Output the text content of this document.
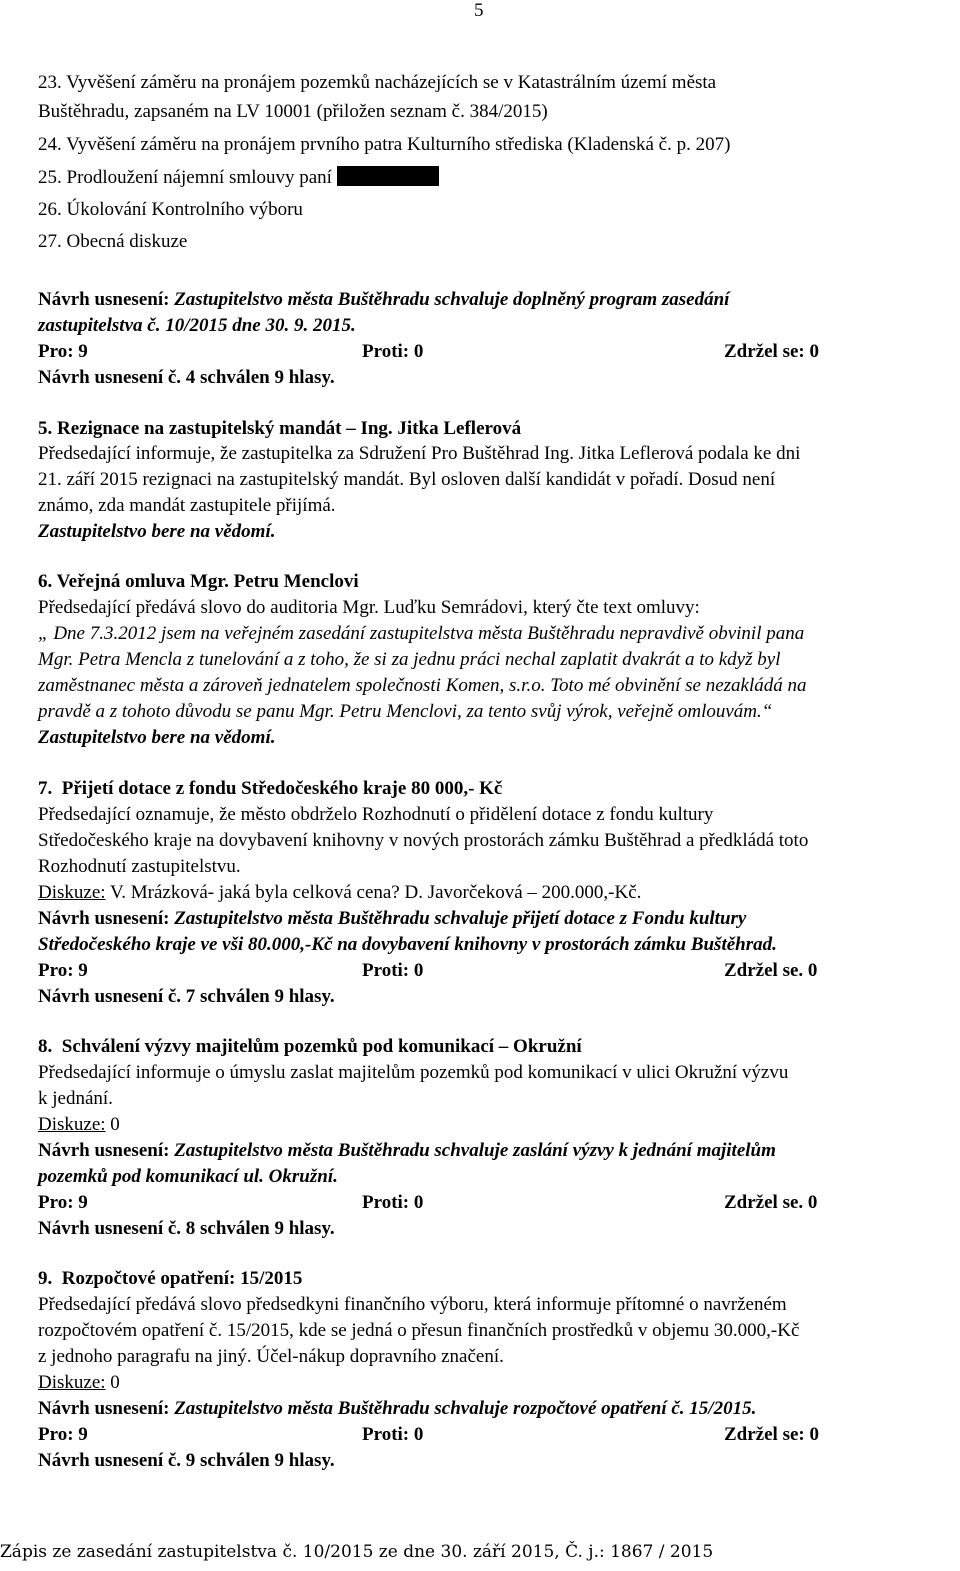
5
23. Vyvěšení záměru na pronájem pozemků nacházejících se v Katastrálním území města
Buštěhradu, zapsaném na LV 10001 (přiložen seznam č. 384/2015)
24. Vyvěšení záměru na pronájem prvního patra Kulturního střediska (Kladenská č. p. 207)
25. Prodloužení nájemní smlouvy paní
26. Úkolování Kontrolního výboru
27. Obecná diskuze
Návrh usnesení: Zastupitelstvo města Buštěhradu schvaluje doplněný program zasedání
zastupitelstva č. 10/2015 dne 30. 9. 2015.
Pro: 9	Proti: 0	Zdržel se: 0
Návrh usnesení č. 4 schválen 9 hlasy.
5. Rezignace na zastupitelský mandát – Ing. Jitka Leflerová
Předsedající informuje, že zastupitelka za Sdružení Pro Buštěhrad Ing. Jitka Leflerová podala ke dni
21. září 2015 rezignaci na zastupitelský mandát. Byl osloven další kandidát v pořadí. Dosud není
známo, zda mandát zastupitele přijímá.
Zastupitelstvo bere na vědomí.
6. Veřejná omluva Mgr. Petru Menclovi
Předsedající předává slovo do auditoria Mgr. Luďku Semrádovi, který čte text omluvy:
„ Dne 7.3.2012 jsem na veřejném zasedání zastupitelstva města Buštěhradu nepravdivě obvinil pana
Mgr. Petra Mencla z tunelování a z toho, že si za jednu práci nechal zaplatit dvakrát a to když byl
zaměstnanec města a zároveň jednatelem společnosti Komen, s.r.o. Toto mé obvinění se nezakládá na
pravdě a z tohoto důvodu se panu Mgr. Petru Menclovi, za tento svůj výrok, veřejně omlouvám.“
Zastupitelstvo bere na vědomí.
7. Přijetí dotace z fondu Středočeského kraje 80 000,- Kč
Předsedající oznamuje, že město obdrželo Rozhodnutí o přidělení dotace z fondu kultury
Středočeského kraje na dovybavení knihovny v nových prostorách zámku Buštěhrad a předkládá toto
Rozhodnutí zastupitelstvu.
Diskuze: V. Mrázková- jaká byla celková cena? D. Javorčeková – 200.000,-Kč.
Návrh usnesení: Zastupitelstvo města Buštěhradu schvaluje přijetí dotace z Fondu kultury
Středočeského kraje ve vši 80.000,-Kč na dovybavení knihovny v prostorách zámku Buštěhrad.
Pro: 9	Proti: 0	Zdržel se. 0
Návrh usnesení č. 7 schválen 9 hlasy.
8. Schválení výzvy majitelům pozemků pod komunikací – Okružní
Předsedající informuje o úmyslu zaslat majitelům pozemků pod komunikací v ulici Okružní výzvu
k jednání.
Diskuze: 0
Návrh usnesení: Zastupitelstvo města Buštěhradu schvaluje zaslání výzvy k jednání majitelům
pozemků pod komunikací ul. Okružní.
Pro: 9	Proti: 0	Zdržel se. 0
Návrh usnesení č. 8 schválen 9 hlasy.
9. Rozpočtové opatření: 15/2015
Předsedající předává slovo předsedkyni finančního výboru, která informuje přítomné o navrženém
rozpočtovém opatření č. 15/2015, kde se jedná o přesun finančních prostředků v objemu 30.000,-Kč
z jednoho paragrafu na jiný. Účel-nákup dopravního značení.
Diskuze: 0
Návrh usnesení: Zastupitelstvo města Buštěhradu schvaluje rozpočtové opatření č. 15/2015.
Pro: 9	Proti: 0	Zdržel se: 0
Návrh usnesení č. 9 schválen 9 hlasy.
Zápis ze zasedání zastupitelstva č. 10/2015 ze dne 30. září 2015, Č. j.: 1867 / 2015
